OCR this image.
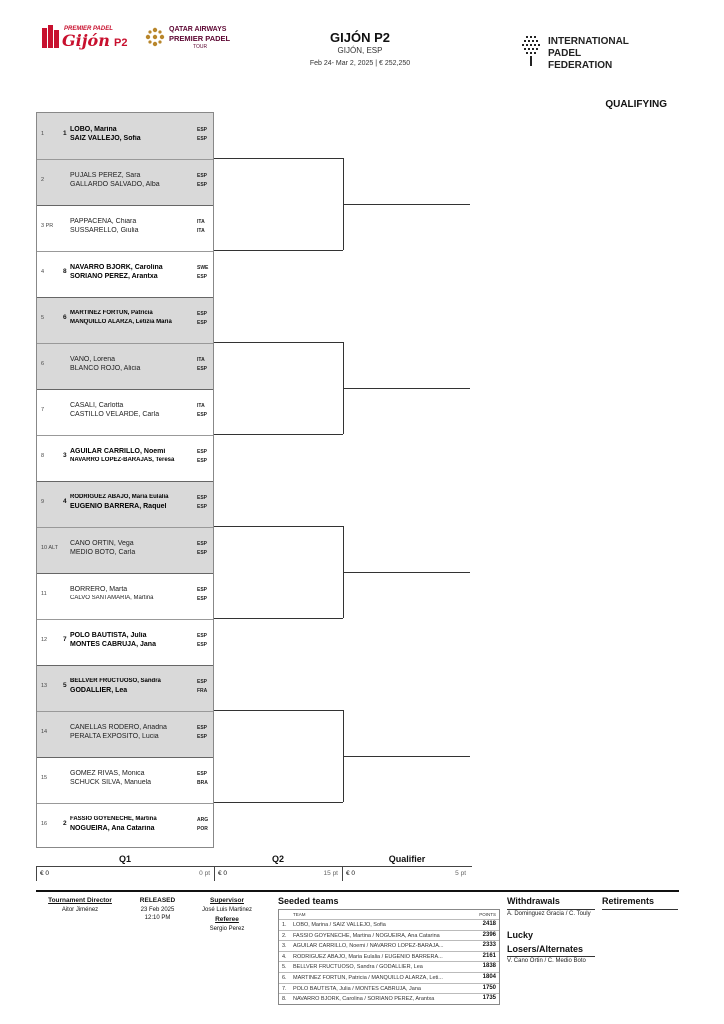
PREMIER PADEL
Gijón P2
QATAR AIRWAYS
PREMIER PADEL
TOUR
GIJÓN P2
GIJÓN, ESP
Feb 24- Mar 2, 2025 | € 252,250
INTERNATIONAL
PADEL
FEDERATION
QUALIFYING
1	1
LOBO, Marina
SAIZ VALLEJO, Sofia
ESP
ESP
2
PUJALS PEREZ, Sara
GALLARDO SALVADO, Alba
ESP
ESP
3 PR
PAPPACENA, Chiara
SUSSARELLO, Giulia
ITA
ITA
4	8
NAVARRO BJÖRK, Carolina
SORIANO PEREZ, Arantxa
SWE
ESP
5	6
MARTINEZ FORTUN, Patricia
MANQUILLO ALARZA, Letizia Maria
ESP
ESP
6
VANO, Lorena
BLANCO ROJO, Alicia
ITA
ESP
7
CASALI, Carlotta
CASTILLO VELARDE, Carla
ITA
ESP
8	3
AGUILAR CARRILLO, Noemi
NAVARRO LOPEZ-BARAJAS, Teresa
ESP
ESP
9	4
RODRIGUEZ ABAJO, Maria Eulalia
EUGENIO BARRERA, Raquel
ESP
ESP
10 ALT
CANO ORTIN, Vega
MEDIO BOTO, Carla
ESP
ESP
11
BORRERO, Marta
CALVO SANTAMARIA, Martina
ESP
ESP
12 7
POLO BAUTISTA, Julia
MONTES CABRUJA, Jana
ESP
ESP
13 5
BELLVER FRUCTUOSO, Sandra
GODALLIER, Lea
ESP
FRA
14
CAÑELLAS RODERO, Ariadna
PERALTA EXPOSITO, Lucia
ESP
ESP
15
GOMEZ RIVAS, Monica
SCHUCK SILVA, Manuela
ESP
BRA
16 2
FASSIO GOYENECHE, Martina
NOGUEIRA, Ana Catarina
ARG
POR
Q1	Q2	Qualifier
€ 0	0 pt € 0	15 pt € 0	5 pt
Tournament Director
Aitor Jiménez
RELEASED
23 Feb 2025
12:10 PM
Supervisor
José Luis Martinez
Referee
Sergio Perez
Seeded teams
TEAM	POINTS
1. LOBO, Marina / SAIZ VALLEJO, Sofia	2418
2. FASSIO GOYENECHE, Martina / NOGUEIRA, Ana Catarina	2396
3. AGUILAR CARRILLO, Noemi / NAVARRO LOPEZ-BARAJA...	2333
4. RODRIGUEZ ABAJO, Maria Eulalia / EUGENIO BARRERA...	2161
5. BELLVER FRUCTUOSO, Sandra / GODALLIER, Lea	1838
6. MARTINEZ FORTUN, Patricia / MANQUILLO ALARZA, Leti...	1804
7. POLO BAUTISTA, Julia / MONTES CABRUJA, Jana	1750
8. NAVARRO BJÖRK, Carolina / SORIANO PEREZ, Arantxa	1735
Withdrawals
A. Dominguez Gracia / C. Touly
Retirements
Lucky
Losers/Alternates
V. Cano Ortin / C. Medio Boto
